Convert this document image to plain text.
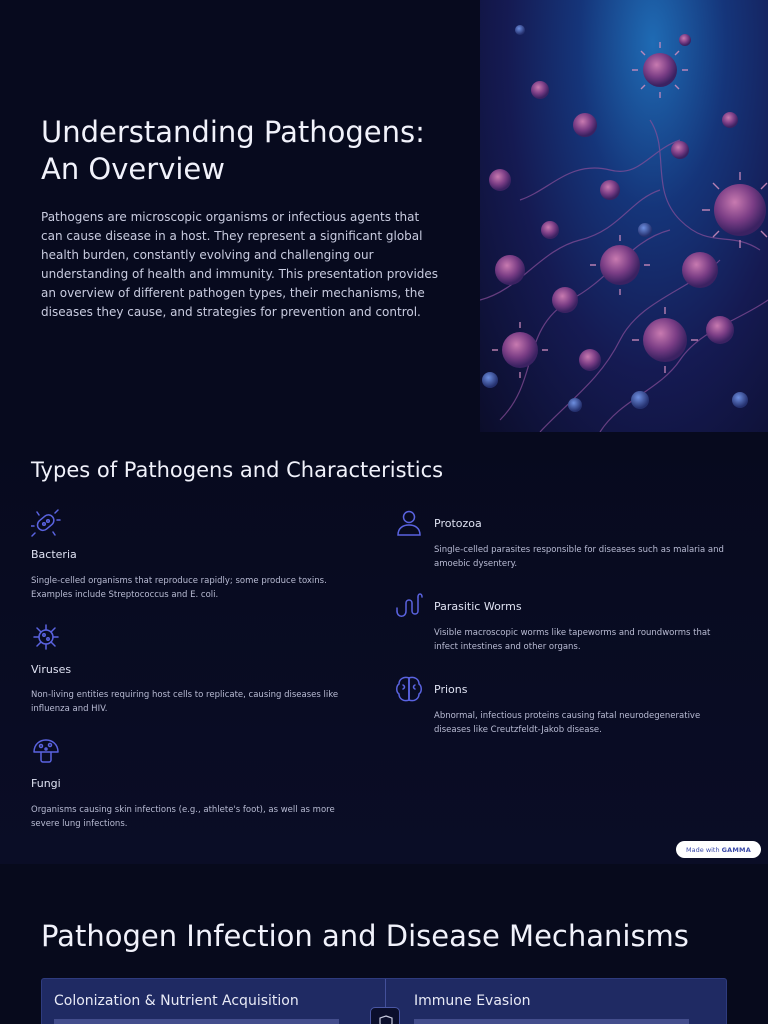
Understanding Pathogens: An Overview

Pathogens are microscopic organisms or infectious agents that can cause disease in a host. They represent a significant global health burden, constantly evolving and challenging our understanding of health and immunity. This presentation provides an overview of different pathogen types, their mechanisms, the diseases they cause, and strategies for prevention and control.

Types of Pathogens and Characteristics
Bacteria
Single-celled organisms that reproduce rapidly; some produce toxins. Examples include Streptococcus and E. coli.
Viruses
Non-living entities requiring host cells to replicate, causing diseases like influenza and HIV.
Fungi
Organisms causing skin infections (e.g., athlete's foot), as well as more severe lung infections.
Protozoa
Single-celled parasites responsible for diseases such as malaria and amoebic dysentery.
Parasitic Worms
Visible macroscopic worms like tapeworms and roundworms that infect intestines and other organs.
Prions
Abnormal, infectious proteins causing fatal neurodegenerative diseases like Creutzfeldt-Jakob disease.
Made with GAMMA
Pathogen Infection and Disease Mechanisms
Colonization & Nutrient Acquisition	Immune Evasion
